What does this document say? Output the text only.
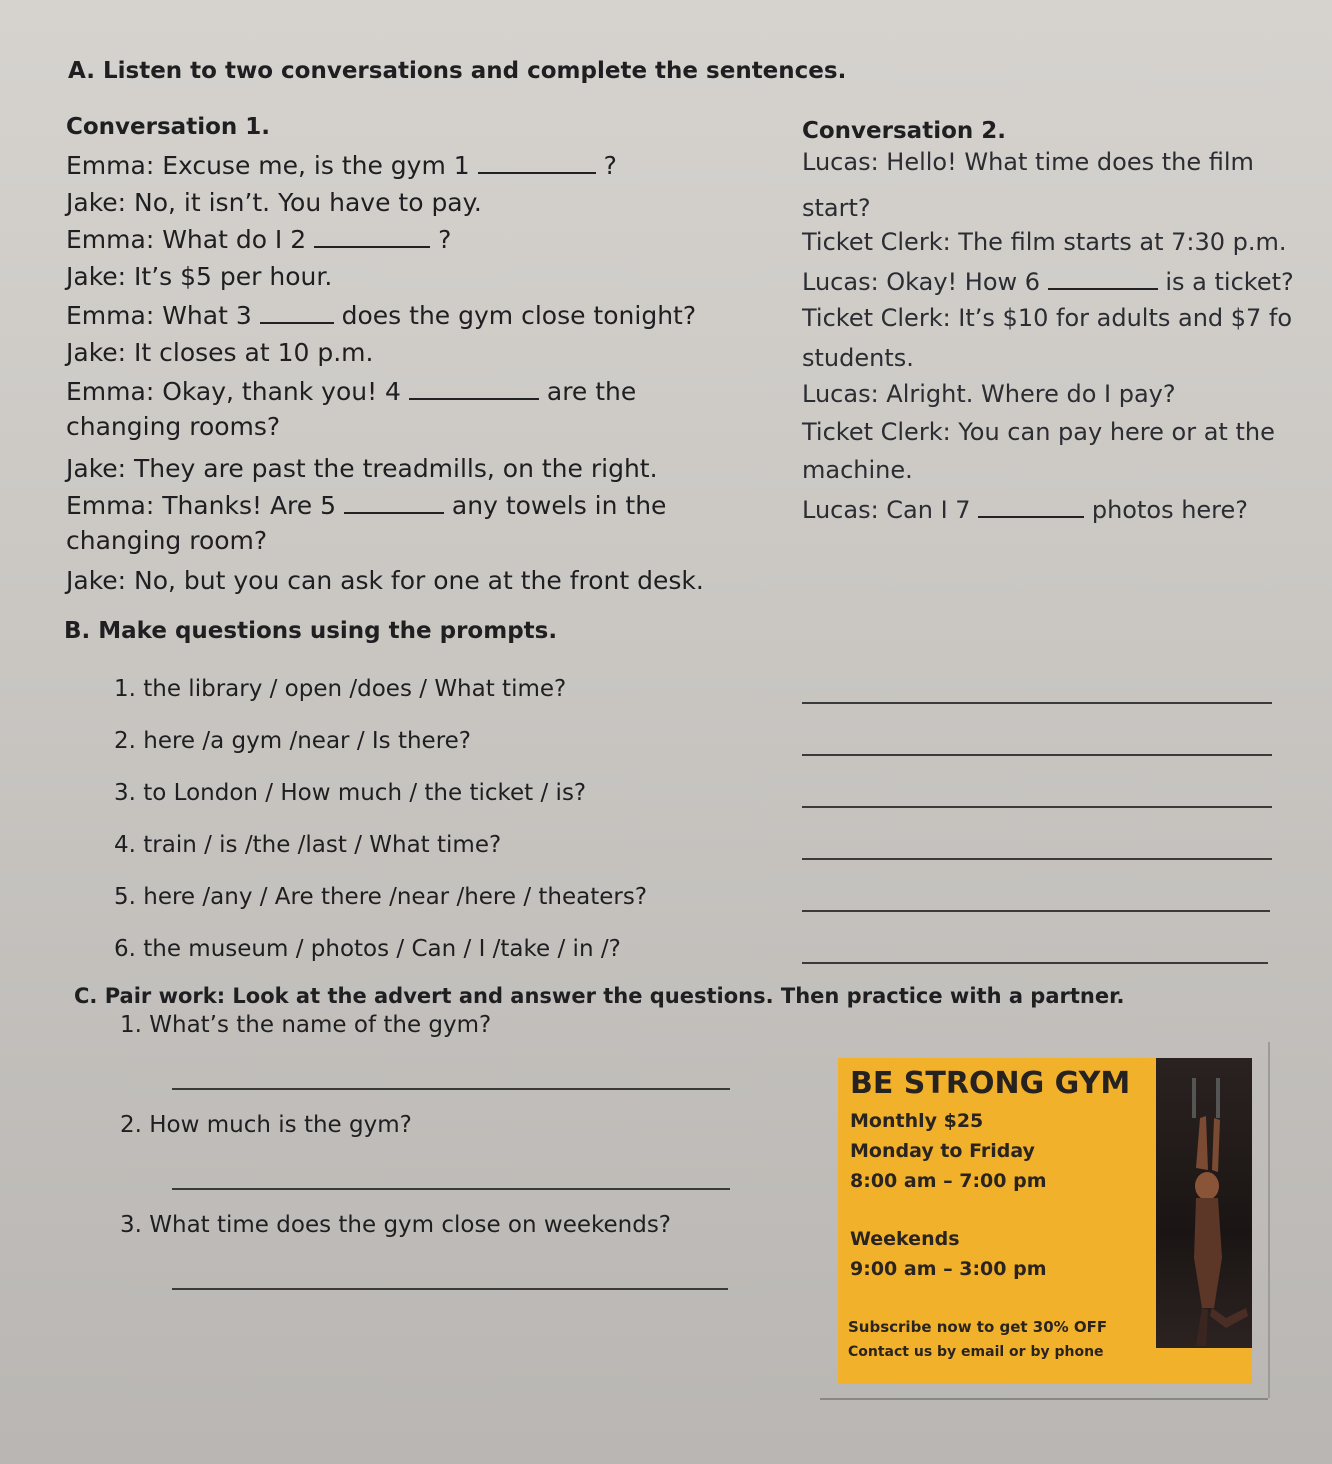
A. Listen to two conversations and complete the sentences.
Conversation 1.
Emma: Excuse me, is the gym 1	?
Jake: No, it isn’t. You have to pay.
Emma: What do I 2	?
Jake: It’s $5 per hour.
Emma: What 3	does the gym close tonight?
Jake: It closes at 10 p.m.
Emma: Okay, thank you! 4	are the
changing rooms?
Jake: They are past the treadmills, on the right.
Emma: Thanks! Are 5	any towels in the
changing room?
Jake: No, but you can ask for one at the front desk.
Conversation 2.
Lucas: Hello! What time does the film
start?
Ticket Clerk: The film starts at 7:30 p.m.
Lucas: Okay! How 6	is a ticket?
Ticket Clerk: It’s $10 for adults and $7 fo
students.
Lucas: Alright. Where do I pay?
Ticket Clerk: You can pay here or at the
machine.
Lucas: Can I 7	photos here?
B. Make questions using the prompts.
1. the library / open /does / What time?
2. here /a gym /near / Is there?
3. to London / How much / the ticket / is?
4. train / is /the /last / What time?
5. here /any / Are there /near /here / theaters?
6. the museum / photos / Can / I /take / in /?
C. Pair work: Look at the advert and answer the questions. Then practice with a partner.
1. What’s the name of the gym?
2. How much is the gym?
3. What time does the gym close on weekends?
BE STRONG GYM
Monthly $25
Monday to Friday
8:00 am – 7:00 pm
Weekends
9:00 am – 3:00 pm
Subscribe now to get 30% OFF
Contact us by email or by phone
